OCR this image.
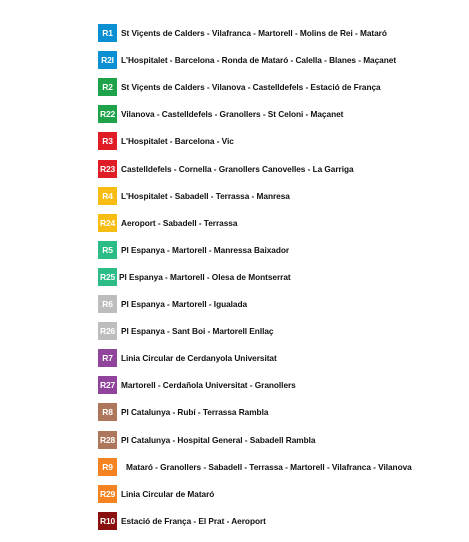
R1 St Viçents de Calders - Vilafranca - Martorell - Molins de Rei - Mataró
R2I L'Hospitalet - Barcelona - Ronda de Mataró - Calella - Blanes - Maçanet
R2 St Viçents de Calders - Vilanova - Castelldefels - Estació de França
R22 Vilanova - Castelldefels - Granollers - St Celoni - Maçanet
R3 L'Hospitalet - Barcelona - Vic
R23 Castelldefels - Cornella - Granollers Canovelles - La Garriga
R4 L'Hospitalet - Sabadell - Terrassa - Manresa
R24 Aeroport - Sabadell - Terrassa
R5 Pl Espanya - Martorell - Manressa Baixador
R25 Pl Espanya - Martorell - Olesa de Montserrat
R6 Pl Espanya - Martorell - Igualada
R26 Pl Espanya - Sant Boi - Martorell Enllaç
R7 Linia Circular de Cerdanyola Universitat
R27 Martorell - Cerdañola Universitat - Granollers
R8 Pl Catalunya - Rubí - Terrassa Rambla
R28 Pl Catalunya - Hospital General - Sabadell Rambla
R9	Mataró - Granollers - Sabadell - Terrassa - Martorell - Vilafranca - Vilanova
R29 Linia Circular de Mataró
R10 Estació de França - El Prat - Aeroport
